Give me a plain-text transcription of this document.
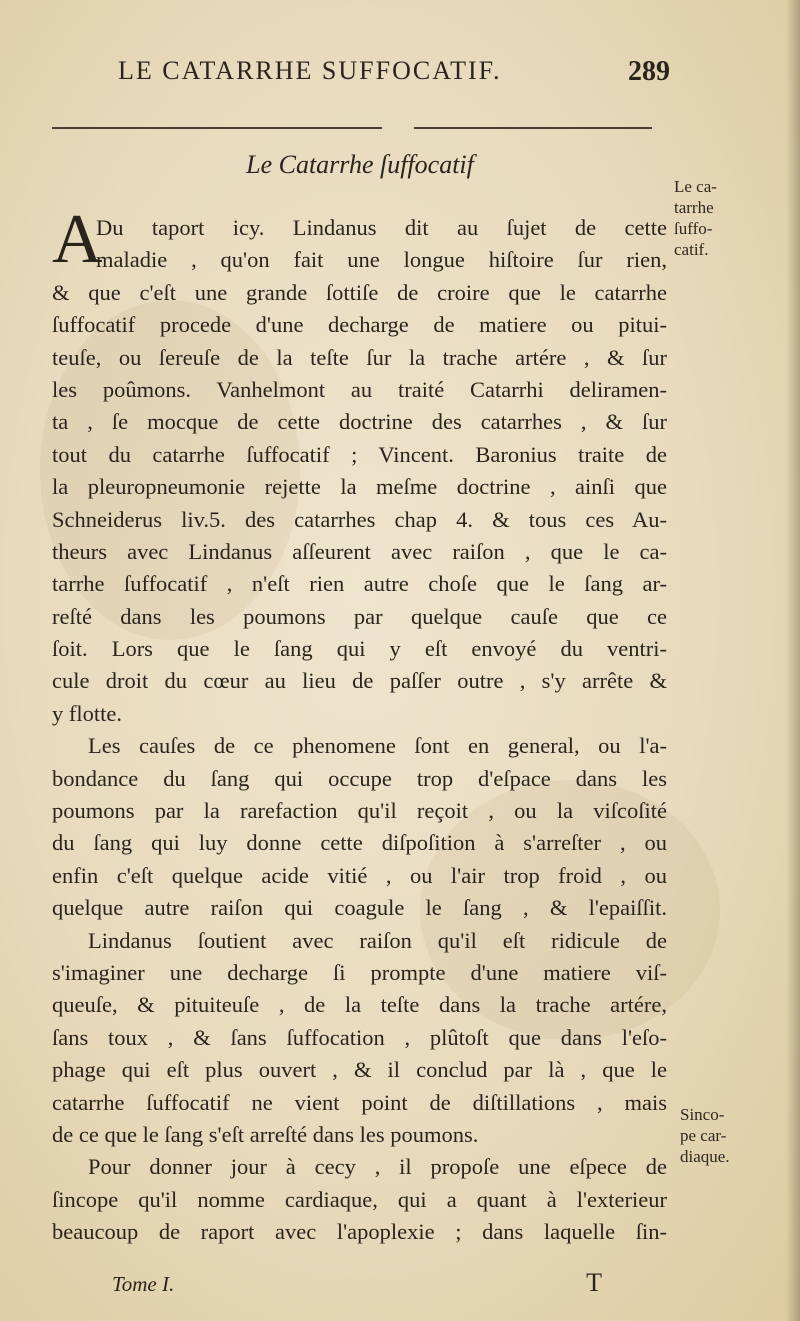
LE CATARRHE SUFFOCATIF.	289
Le Catarrhe ſuffocatif
Le ca-
tarrhe
ſuffo-
catif.
Sinco-
pe car-
diaque.
A
Du taport icy. Lindanus dit au ſujet de cette
maladie , qu'on fait une longue hiſtoire ſur rien,
& que c'eſt une grande ſottiſe de croire que le catarrhe
ſuffocatif procede d'une decharge de matiere ou pitui-
teuſe, ou ſereuſe de la teſte ſur la trache artére , & ſur
les poûmons. Vanhelmont au traité Catarrhi deliramen-
ta , ſe mocque de cette doctrine des catarrhes , & ſur
tout du catarrhe ſuffocatif ; Vincent. Baronius traite de
la pleuropneumonie rejette la meſme doctrine , ainſi que
Schneiderus liv.5. des catarrhes chap 4. & tous ces Au-
theurs avec Lindanus aſſeurent avec raiſon , que le ca-
tarrhe ſuffocatif , n'eſt rien autre choſe que le ſang ar-
reſté dans les poumons par quelque cauſe que ce
ſoit. Lors que le ſang qui y eſt envoyé du ventri-
cule droit du cœur au lieu de paſſer outre , s'y arrête &
y flotte.
Les cauſes de ce phenomene ſont en general, ou l'a-
bondance du ſang qui occupe trop d'eſpace dans les
poumons par la rarefaction qu'il reçoit , ou la viſcoſité
du ſang qui luy donne cette diſpoſition à s'arreſter , ou
enfin c'eſt quelque acide vitié , ou l'air trop froid , ou
quelque autre raiſon qui coagule le ſang , & l'epaiſſit.
Lindanus ſoutient avec raiſon qu'il eſt ridicule de
s'imaginer une decharge ſi prompte d'une matiere viſ-
queuſe, & pituiteuſe , de la teſte dans la trache artére,
ſans toux , & ſans ſuffocation , plûtoſt que dans l'eſo-
phage qui eſt plus ouvert , & il conclud par là , que le
catarrhe ſuffocatif ne vient point de diſtillations , mais
de ce que le ſang s'eſt arreſté dans les poumons.
Pour donner jour à cecy , il propoſe une eſpece de
ſincope qu'il nomme cardiaque, qui a quant à l'exterieur
beaucoup de raport avec l'apoplexie ; dans laquelle ſin-
Tome I.	T
